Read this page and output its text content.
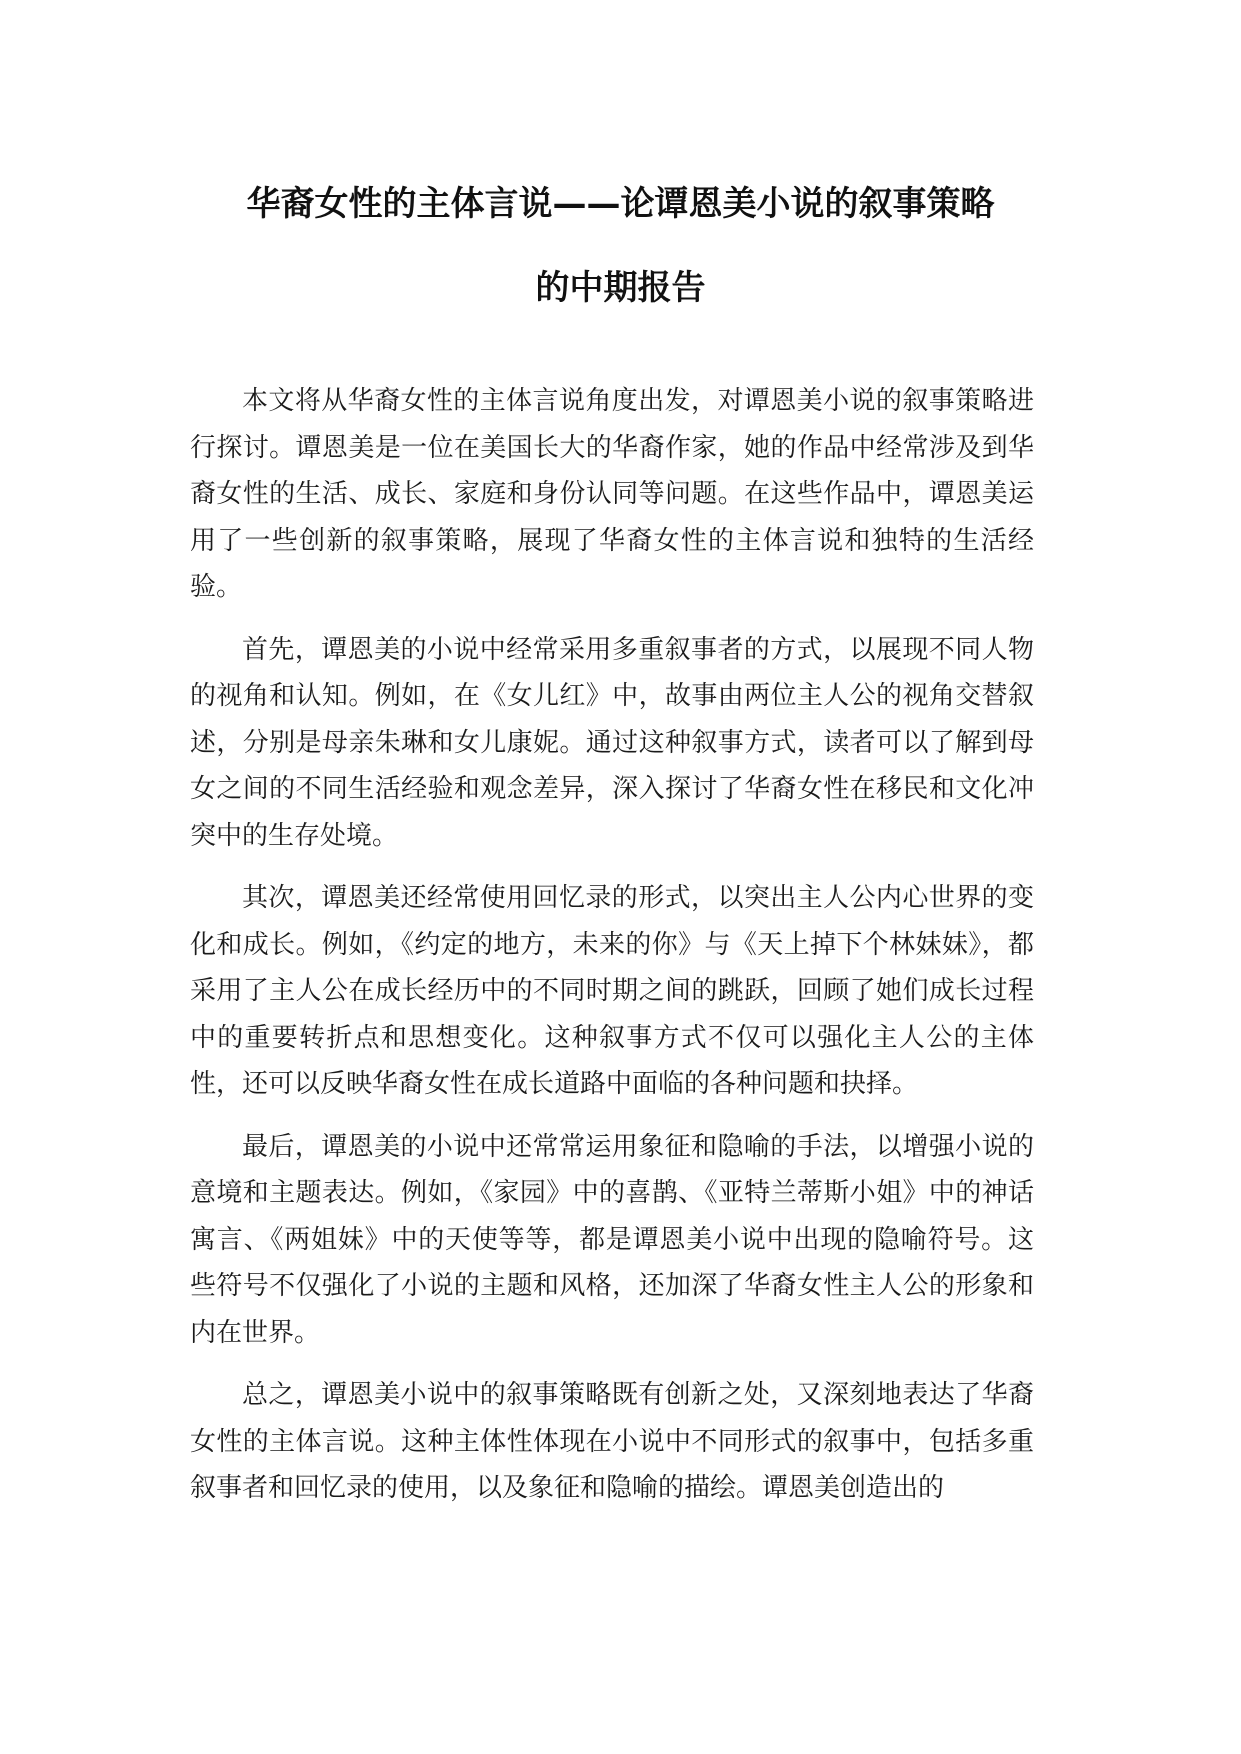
华裔女性的主体言说——论谭恩美小说的叙事策略
的中期报告

本文将从华裔女性的主体言说角度出发，对谭恩美小说的叙事策略进行探讨。谭恩美是一位在美国长大的华裔作家，她的作品中经常涉及到华裔女性的生活、成长、家庭和身份认同等问题。在这些作品中，谭恩美运用了一些创新的叙事策略，展现了华裔女性的主体言说和独特的生活经验。

首先，谭恩美的小说中经常采用多重叙事者的方式，以展现不同人物的视角和认知。例如，在《女儿红》中，故事由两位主人公的视角交替叙述，分别是母亲朱琳和女儿康妮。通过这种叙事方式，读者可以了解到母女之间的不同生活经验和观念差异，深入探讨了华裔女性在移民和文化冲突中的生存处境。

其次，谭恩美还经常使用回忆录的形式，以突出主人公内心世界的变化和成长。例如，《约定的地方，未来的你》与《天上掉下个林妹妹》，都采用了主人公在成长经历中的不同时期之间的跳跃，回顾了她们成长过程中的重要转折点和思想变化。这种叙事方式不仅可以强化主人公的主体性，还可以反映华裔女性在成长道路中面临的各种问题和抉择。

最后，谭恩美的小说中还常常运用象征和隐喻的手法，以增强小说的意境和主题表达。例如，《家园》中的喜鹊、《亚特兰蒂斯小姐》中的神话寓言、《两姐妹》中的天使等等，都是谭恩美小说中出现的隐喻符号。这些符号不仅强化了小说的主题和风格，还加深了华裔女性主人公的形象和内在世界。

总之，谭恩美小说中的叙事策略既有创新之处，又深刻地表达了华裔女性的主体言说。这种主体性体现在小说中不同形式的叙事中，包括多重叙事者和回忆录的使用，以及象征和隐喻的描绘。谭恩美创造出的
